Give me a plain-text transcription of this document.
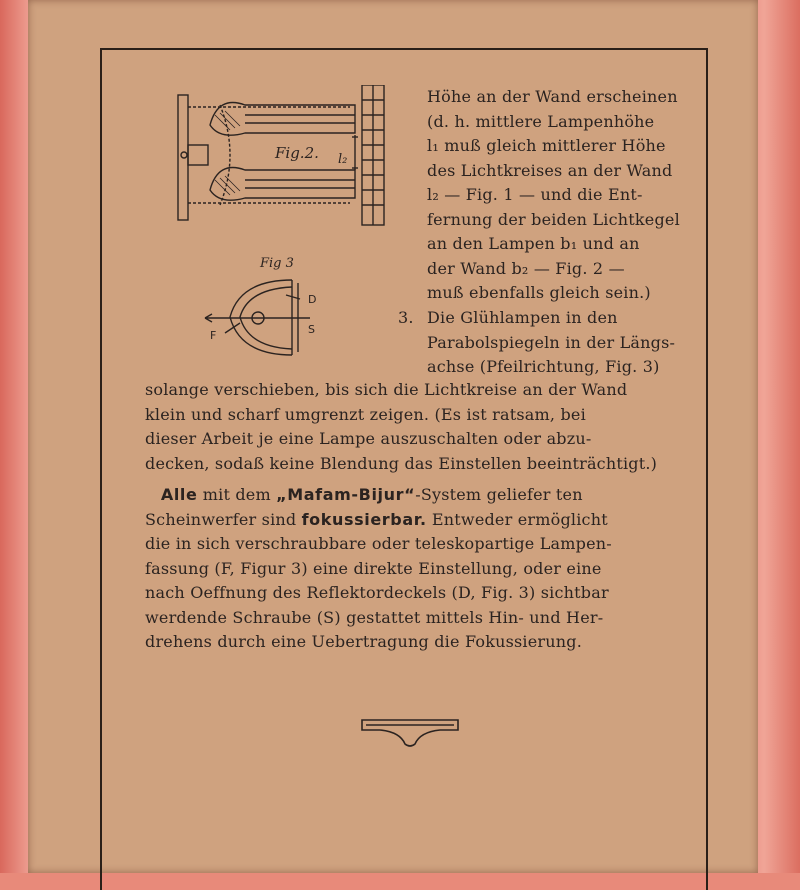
Fig.2. l₂
Fig 3
D
S
F
Höhe an der Wand erscheinen
(d. h. mittlere Lampenhöhe
l₁ muß gleich mittlerer Höhe
des Lichtkreises an der Wand
l₂ — Fig. 1 — und die Ent-
fernung der beiden Lichtkegel
an den Lampen b₁ und an
der Wand b₂ — Fig. 2 —
muß ebenfalls gleich sein.)
3. Die Glühlampen in den
Parabolspiegeln in der Längs-
achse (Pfeilrichtung, Fig. 3)
solange verschieben, bis sich die Lichtkreise an der Wand
klein und scharf umgrenzt zeigen. (Es ist ratsam, bei
dieser Arbeit je eine Lampe auszuschalten oder abzu-
decken, sodaß keine Blendung das Einstellen beeinträchtigt.)
Alle mit dem „Mafam-Bijur“-System geliefer ten
Scheinwerfer sind fokussierbar. Entweder ermöglicht
die in sich verschraubbare oder teleskopartige Lampen-
fassung (F, Figur 3) eine direkte Einstellung, oder eine
nach Oeffnung des Reflektordeckels (D, Fig. 3) sichtbar
werdende Schraube (S) gestattet mittels Hin- und Her-
drehens durch eine Uebertragung die Fokussierung.
